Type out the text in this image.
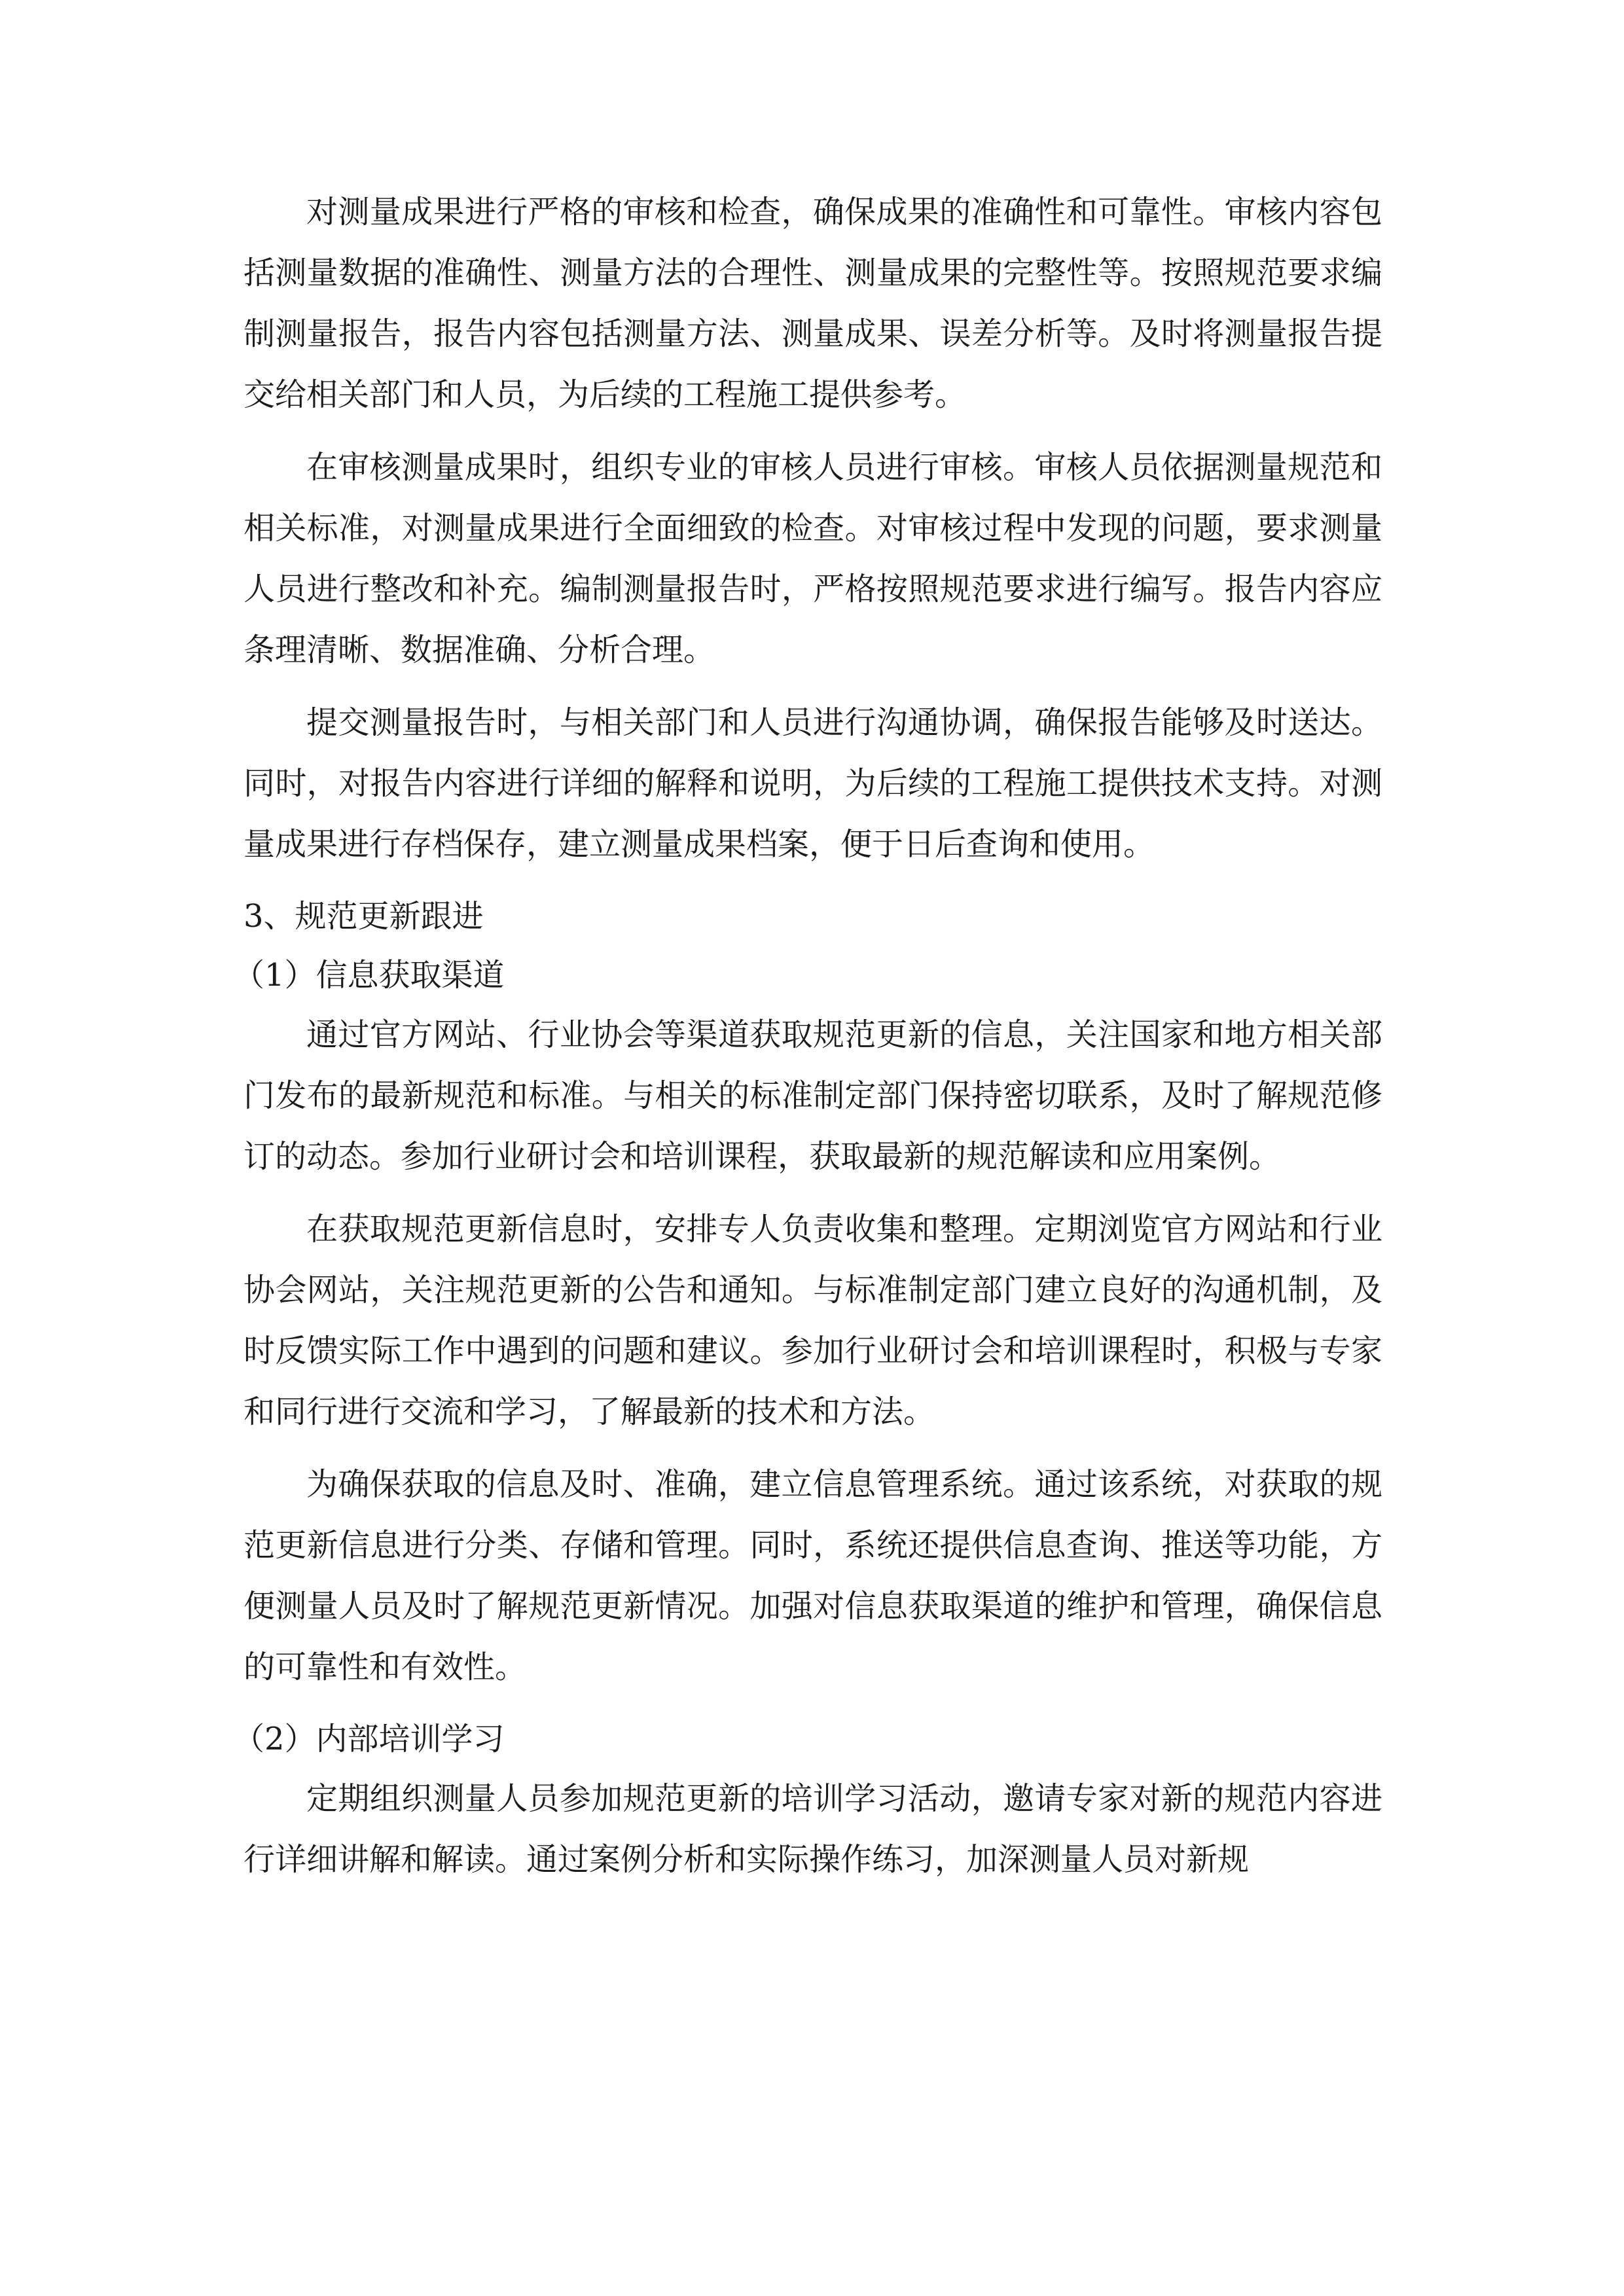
对测量成果进行严格的审核和检查，确保成果的准确性和可靠性。审核内容包括测量数据的准确性、测量方法的合理性、测量成果的完整性等。按照规范要求编制测量报告，报告内容包括测量方法、测量成果、误差分析等。及时将测量报告提交给相关部门和人员，为后续的工程施工提供参考。

在审核测量成果时，组织专业的审核人员进行审核。审核人员依据测量规范和相关标准，对测量成果进行全面细致的检查。对审核过程中发现的问题，要求测量人员进行整改和补充。编制测量报告时，严格按照规范要求进行编写。报告内容应条理清晰、数据准确、分析合理。

提交测量报告时，与相关部门和人员进行沟通协调，确保报告能够及时送达。同时，对报告内容进行详细的解释和说明，为后续的工程施工提供技术支持。对测量成果进行存档保存，建立测量成果档案，便于日后查询和使用。

3、规范更新跟进

（1）信息获取渠道

通过官方网站、行业协会等渠道获取规范更新的信息，关注国家和地方相关部门发布的最新规范和标准。与相关的标准制定部门保持密切联系，及时了解规范修订的动态。参加行业研讨会和培训课程，获取最新的规范解读和应用案例。

在获取规范更新信息时，安排专人负责收集和整理。定期浏览官方网站和行业协会网站，关注规范更新的公告和通知。与标准制定部门建立良好的沟通机制，及时反馈实际工作中遇到的问题和建议。参加行业研讨会和培训课程时，积极与专家和同行进行交流和学习，了解最新的技术和方法。

为确保获取的信息及时、准确，建立信息管理系统。通过该系统，对获取的规范更新信息进行分类、存储和管理。同时，系统还提供信息查询、推送等功能，方便测量人员及时了解规范更新情况。加强对信息获取渠道的维护和管理，确保信息的可靠性和有效性。

（2）内部培训学习

定期组织测量人员参加规范更新的培训学习活动，邀请专家对新的规范内容进行详细讲解和解读。通过案例分析和实际操作练习，加深测量人员对新规
